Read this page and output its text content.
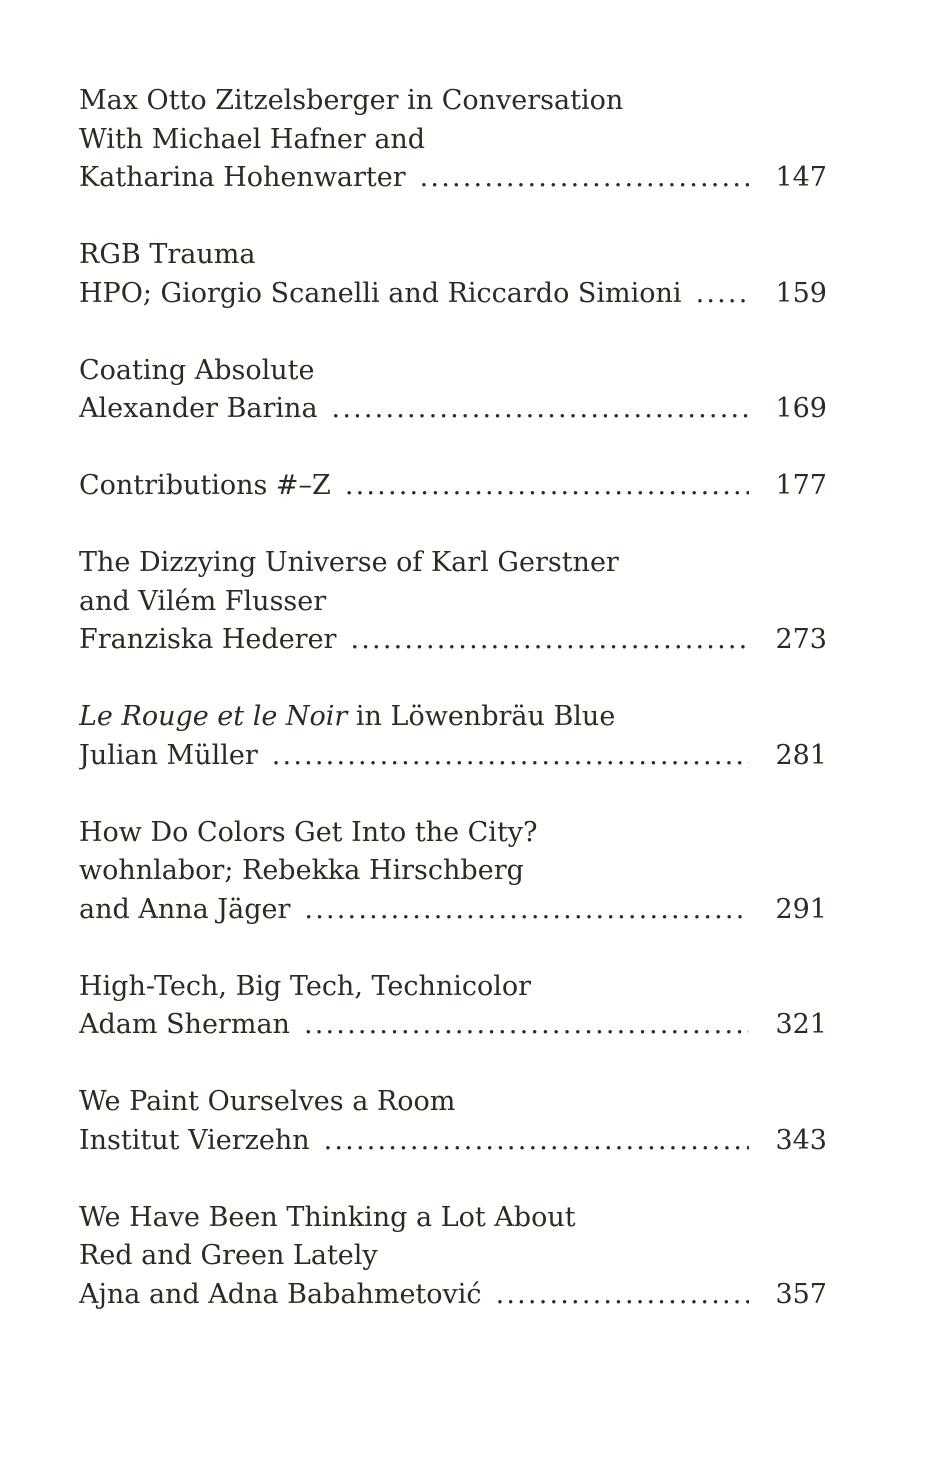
Max Otto Zitzelsberger in Conversation
With Michael Hafner and
Katharina Hohenwarter .....	147
RGB Trauma
HPO; Giorgio Scanelli and Riccardo Simioni .....	159
Coating Absolute
Alexander Barina .....	169
Contributions #–Z .....	177
The Dizzying Universe of Karl Gerstner
and Vilém Flusser
Franziska Hederer .....	273
Le Rouge et le Noir in Löwenbräu Blue
Julian Müller .....	281
How Do Colors Get Into the City?
wohnlabor; Rebekka Hirschberg
and Anna Jäger .....	291
High-Tech, Big Tech, Technicolor
Adam Sherman .....	321
We Paint Ourselves a Room
Institut Vierzehn .....	343
We Have Been Thinking a Lot About
Red and Green Lately
Ajna and Adna Babahmetović .....	357
